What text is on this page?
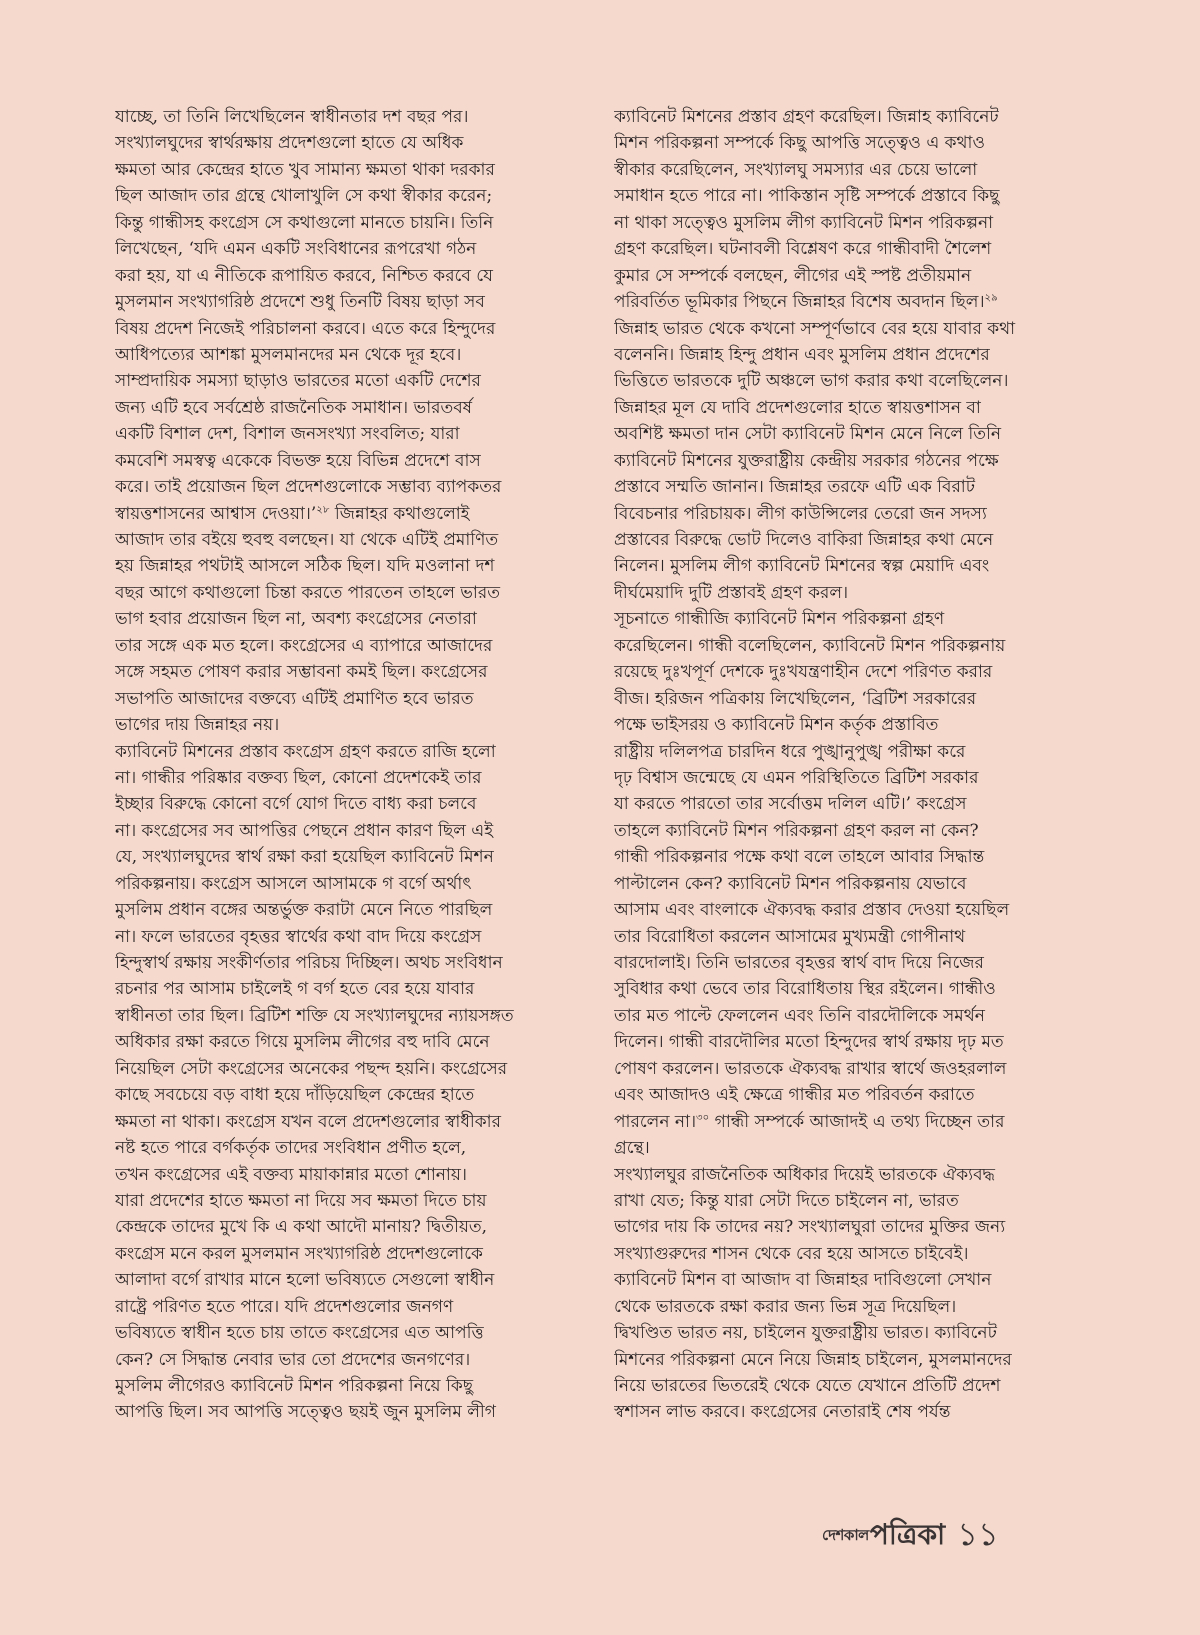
যাচ্ছে, তা তিনি লিখেছিলেন স্বাধীনতার দশ বছর পর।
সংখ্যালঘুদের স্বার্থরক্ষায় প্রদেশগুলো হাতে যে অধিক
ক্ষমতা আর কেন্দ্রের হাতে খুব সামান্য ক্ষমতা থাকা দরকার
ছিল আজাদ তার গ্রন্থে খোলাখুলি সে কথা স্বীকার করেন;
কিন্তু গান্ধীসহ কংগ্রেস সে কথাগুলো মানতে চায়নি। তিনি
লিখেছেন, ‘যদি এমন একটি সংবিধানের রূপরেখা গঠন
করা হয়, যা এ নীতিকে রূপায়িত করবে, নিশ্চিত করবে যে
মুসলমান সংখ্যাগরিষ্ঠ প্রদেশে শুধু তিনটি বিষয় ছাড়া সব
বিষয় প্রদেশ নিজেই পরিচালনা করবে। এতে করে হিন্দুদের
আধিপত্যের আশঙ্কা মুসলমানদের মন থেকে দূর হবে।
সাম্প্রদায়িক সমস্যা ছাড়াও ভারতের মতো একটি দেশের
জন্য এটি হবে সর্বশ্রেষ্ঠ রাজনৈতিক সমাধান। ভারতবর্ষ
একটি বিশাল দেশ, বিশাল জনসংখ্যা সংবলিত; যারা
কমবেশি সমস্বত্ব একেকে বিভক্ত হয়ে বিভিন্ন প্রদেশে বাস
করে। তাই প্রয়োজন ছিল প্রদেশগুলোকে সম্ভাব্য ব্যাপকতর
স্বায়ত্তশাসনের আশ্বাস দেওয়া।’$^{২৮}$ জিন্নাহর কথাগুলোই
আজাদ তার বইয়ে হুবহু বলছেন। যা থেকে এটিই প্রমাণিত
হয় জিন্নাহর পথটাই আসলে সঠিক ছিল। যদি মওলানা দশ
বছর আগে কথাগুলো চিন্তা করতে পারতেন তাহলে ভারত
ভাগ হবার প্রয়োজন ছিল না, অবশ্য কংগ্রেসের নেতারা
তার সঙ্গে এক মত হলে। কংগ্রেসের এ ব্যাপারে আজাদের
সঙ্গে সহমত পোষণ করার সম্ভাবনা কমই ছিল। কংগ্রেসের
সভাপতি আজাদের বক্তব্যে এটিই প্রমাণিত হবে ভারত
ভাগের দায় জিন্নাহর নয়।
ক্যাবিনেট মিশনের প্রস্তাব কংগ্রেস গ্রহণ করতে রাজি হলো
না। গান্ধীর পরিষ্কার বক্তব্য ছিল, কোনো প্রদেশকেই তার
ইচ্ছার বিরুদ্ধে কোনো বর্গে যোগ দিতে বাধ্য করা চলবে
না। কংগ্রেসের সব আপত্তির পেছনে প্রধান কারণ ছিল এই
যে, সংখ্যালঘুদের স্বার্থ রক্ষা করা হয়েছিল ক্যাবিনেট মিশন
পরিকল্পনায়। কংগ্রেস আসলে আসামকে গ বর্গে অর্থাৎ
মুসলিম প্রধান বঙ্গের অন্তর্ভুক্ত করাটা মেনে নিতে পারছিল
না। ফলে ভারতের বৃহত্তর স্বার্থের কথা বাদ দিয়ে কংগ্রেস
হিন্দুস্বার্থ রক্ষায় সংকীর্ণতার পরিচয় দিচ্ছিল। অথচ সংবিধান
রচনার পর আসাম চাইলেই গ বর্গ হতে বের হয়ে যাবার
স্বাধীনতা তার ছিল। ব্রিটিশ শক্তি যে সংখ্যালঘুদের ন্যায়সঙ্গত
অধিকার রক্ষা করতে গিয়ে মুসলিম লীগের বহু দাবি মেনে
নিয়েছিল সেটা কংগ্রেসের অনেকের পছন্দ হয়নি। কংগ্রেসের
কাছে সবচেয়ে বড় বাধা হয়ে দাঁড়িয়েছিল কেন্দ্রের হাতে
ক্ষমতা না থাকা। কংগ্রেস যখন বলে প্রদেশগুলোর স্বাধীকার
নষ্ট হতে পারে বর্গকর্তৃক তাদের সংবিধান প্রণীত হলে,
তখন কংগ্রেসের এই বক্তব্য মায়াকান্নার মতো শোনায়।
যারা প্রদেশের হাতে ক্ষমতা না দিয়ে সব ক্ষমতা দিতে চায়
কেন্দ্রকে তাদের মুখে কি এ কথা আদৌ মানায়? দ্বিতীয়ত,
কংগ্রেস মনে করল মুসলমান সংখ্যাগরিষ্ঠ প্রদেশগুলোকে
আলাদা বর্গে রাখার মানে হলো ভবিষ্যতে সেগুলো স্বাধীন
রাষ্ট্রে পরিণত হতে পারে। যদি প্রদেশগুলোর জনগণ
ভবিষ্যতে স্বাধীন হতে চায় তাতে কংগ্রেসের এত আপত্তি
কেন? সে সিদ্ধান্ত নেবার ভার তো প্রদেশের জনগণের।
মুসলিম লীগেরও ক্যাবিনেট মিশন পরিকল্পনা নিয়ে কিছু
আপত্তি ছিল। সব আপত্তি সত্ত্বেও ছয়ই জুন মুসলিম লীগ
ক্যাবিনেট মিশনের প্রস্তাব গ্রহণ করেছিল। জিন্নাহ ক্যাবিনেট
মিশন পরিকল্পনা সম্পর্কে কিছু আপত্তি সত্ত্বেও এ কথাও
স্বীকার করেছিলেন, সংখ্যালঘু সমস্যার এর চেয়ে ভালো
সমাধান হতে পারে না। পাকিস্তান সৃষ্টি সম্পর্কে প্রস্তাবে কিছু
না থাকা সত্ত্বেও মুসলিম লীগ ক্যাবিনেট মিশন পরিকল্পনা
গ্রহণ করেছিল। ঘটনাবলী বিশ্লেষণ করে গান্ধীবাদী শৈলেশ
কুমার সে সম্পর্কে বলছেন, লীগের এই স্পষ্ট প্রতীয়মান
পরিবর্তিত ভূমিকার পিছনে জিন্নাহর বিশেষ অবদান ছিল।$^{২৯}$
জিন্নাহ ভারত থেকে কখনো সম্পূর্ণভাবে বের হয়ে যাবার কথা
বলেননি। জিন্নাহ হিন্দু প্রধান এবং মুসলিম প্রধান প্রদেশের
ভিত্তিতে ভারতকে দুটি অঞ্চলে ভাগ করার কথা বলেছিলেন।
জিন্নাহর মূল যে দাবি প্রদেশগুলোর হাতে স্বায়ত্তশাসন বা
অবশিষ্ট ক্ষমতা দান সেটা ক্যাবিনেট মিশন মেনে নিলে তিনি
ক্যাবিনেট মিশনের যুক্তরাষ্ট্রীয় কেন্দ্রীয় সরকার গঠনের পক্ষে
প্রস্তাবে সম্মতি জানান। জিন্নাহর তরফে এটি এক বিরাট
বিবেচনার পরিচায়ক। লীগ কাউন্সিলের তেরো জন সদস্য
প্রস্তাবের বিরুদ্ধে ভোট দিলেও বাকিরা জিন্নাহর কথা মেনে
নিলেন। মুসলিম লীগ ক্যাবিনেট মিশনের স্বল্প মেয়াদি এবং
দীর্ঘমেয়াদি দুটি প্রস্তাবই গ্রহণ করল।
সূচনাতে গান্ধীজি ক্যাবিনেট মিশন পরিকল্পনা গ্রহণ
করেছিলেন। গান্ধী বলেছিলেন, ক্যাবিনেট মিশন পরিকল্পনায়
রয়েছে দুঃখপূর্ণ দেশকে দুঃখযন্ত্রণাহীন দেশে পরিণত করার
বীজ। হরিজন পত্রিকায় লিখেছিলেন, ‘ব্রিটিশ সরকারের
পক্ষে ভাইসরয় ও ক্যাবিনেট মিশন কর্তৃক প্রস্তাবিত
রাষ্ট্রীয় দলিলপত্র চারদিন ধরে পুঙ্খানুপুঙ্খ পরীক্ষা করে
দৃঢ় বিশ্বাস জন্মেছে যে এমন পরিস্থিতিতে ব্রিটিশ সরকার
যা করতে পারতো তার সর্বোত্তম দলিল এটি।’ কংগ্রেস
তাহলে ক্যাবিনেট মিশন পরিকল্পনা গ্রহণ করল না কেন?
গান্ধী পরিকল্পনার পক্ষে কথা বলে তাহলে আবার সিদ্ধান্ত
পাল্টালেন কেন? ক্যাবিনেট মিশন পরিকল্পনায় যেভাবে
আসাম এবং বাংলাকে ঐক্যবদ্ধ করার প্রস্তাব দেওয়া হয়েছিল
তার বিরোধিতা করলেন আসামের মুখ্যমন্ত্রী গোপীনাথ
বারদোলাই। তিনি ভারতের বৃহত্তর স্বার্থ বাদ দিয়ে নিজের
সুবিধার কথা ভেবে তার বিরোধিতায় স্থির রইলেন। গান্ধীও
তার মত পাল্টে ফেললেন এবং তিনি বারদৌলিকে সমর্থন
দিলেন। গান্ধী বারদৌলির মতো হিন্দুদের স্বার্থ রক্ষায় দৃঢ় মত
পোষণ করলেন। ভারতকে ঐক্যবদ্ধ রাখার স্বার্থে জওহরলাল
এবং আজাদও এই ক্ষেত্রে গান্ধীর মত পরিবর্তন করাতে
পারলেন না।$^{৩০}$ গান্ধী সম্পর্কে আজাদই এ তথ্য দিচ্ছেন তার
গ্রন্থে।
সংখ্যালঘুর রাজনৈতিক অধিকার দিয়েই ভারতকে ঐক্যবদ্ধ
রাখা যেত; কিন্তু যারা সেটা দিতে চাইলেন না, ভারত
ভাগের দায় কি তাদের নয়? সংখ্যালঘুরা তাদের মুক্তির জন্য
সংখ্যাগুরুদের শাসন থেকে বের হয়ে আসতে চাইবেই।
ক্যাবিনেট মিশন বা আজাদ বা জিন্নাহর দাবিগুলো সেখান
থেকে ভারতকে রক্ষা করার জন্য ভিন্ন সূত্র দিয়েছিল।
দ্বিখণ্ডিত ভারত নয়, চাইলেন যুক্তরাষ্ট্রীয় ভারত। ক্যাবিনেট
মিশনের পরিকল্পনা মেনে নিয়ে জিন্নাহ চাইলেন, মুসলমানদের
নিয়ে ভারতের ভিতরেই থেকে যেতে যেখানে প্রতিটি প্রদেশ
স্বশাসন লাভ করবে। কংগ্রেসের নেতারাই শেষ পর্যন্ত
দেশকাল পত্রিকা ১১
